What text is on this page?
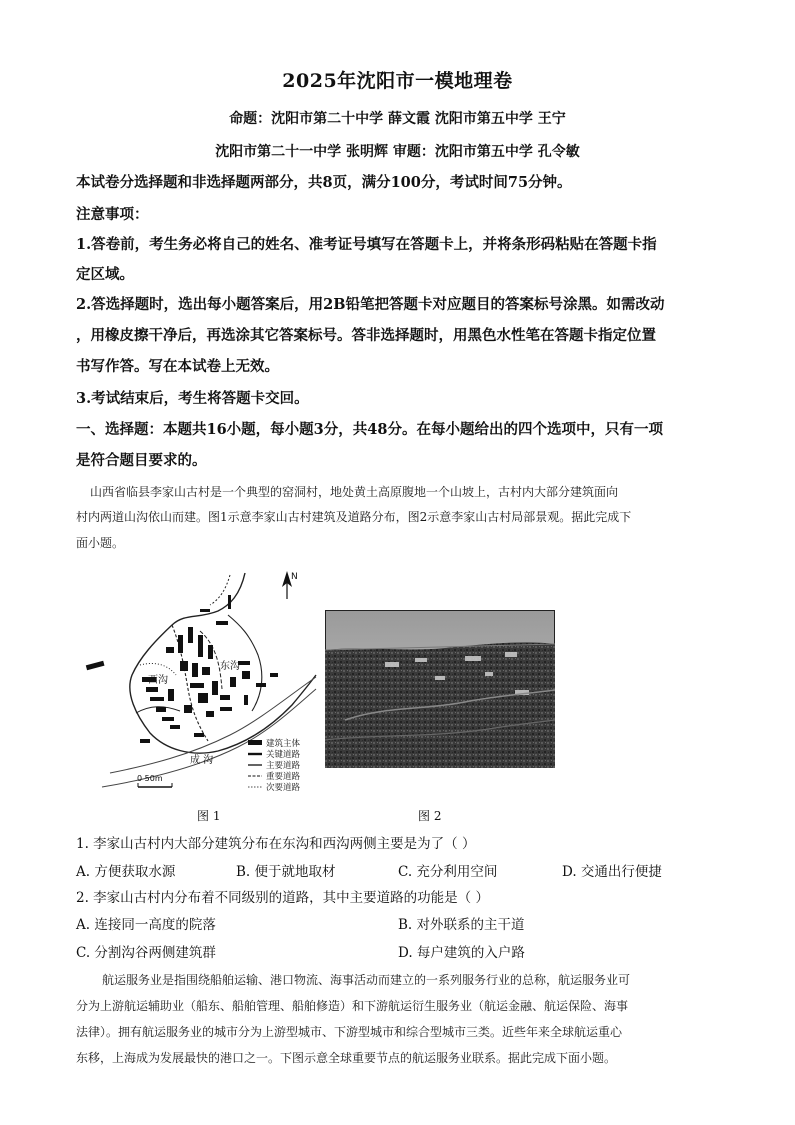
2025年沈阳市一模地理卷
命题：沈阳市第二十中学 薛文霞 沈阳市第五中学 王宁
沈阳市第二十一中学 张明辉 审题：沈阳市第五中学 孔令敏
本试卷分选择题和非选择题两部分，共8页，满分100分，考试时间75分钟。
注意事项：
1.答卷前，考生务必将自己的姓名、准考证号填写在答题卡上，并将条形码粘贴在答题卡指
定区域。
2.答选择题时，选出每小题答案后，用2B铅笔把答题卡对应题目的答案标号涂黑。如需改动
，用橡皮擦干净后，再选涂其它答案标号。答非选择题时，用黑色水性笔在答题卡指定位置
书写作答。写在本试卷上无效。
3.考试结束后，考生将答题卡交回。
一、选择题：本题共16小题，每小题3分，共48分。在每小题给出的四个选项中，只有一项
是符合题目要求的。
山西省临县李家山古村是一个典型的窑洞村，地处黄土高原腹地一个山坡上，古村内大部分建筑面向
村内两道山沟依山而建。图1示意李家山古村建筑及道路分布，图2示意李家山古村局部景观。据此完成下
面小题。
N
西沟
东沟
成 沟
0 50m
建筑主体
关键道路
主要道路
重要道路
次要道路
图 1	图 2
1. 李家山古村内大部分建筑分布在东沟和西沟两侧主要是为了（ ）
A. 方便获取水源	B. 便于就地取材	C. 充分利用空间	D. 交通出行便捷
2. 李家山古村内分布着不同级别的道路，其中主要道路的功能是（ ）
A. 连接同一高度的院落	B. 对外联系的主干道
C. 分割沟谷两侧建筑群	D. 每户建筑的入户路
航运服务业是指围绕船舶运输、港口物流、海事活动而建立的一系列服务行业的总称，航运服务业可
分为上游航运辅助业（船东、船舶管理、船舶修造）和下游航运衍生服务业（航运金融、航运保险、海事
法律）。拥有航运服务业的城市分为上游型城市、下游型城市和综合型城市三类。近些年来全球航运重心
东移，上海成为发展最快的港口之一。下图示意全球重要节点的航运服务业联系。据此完成下面小题。
